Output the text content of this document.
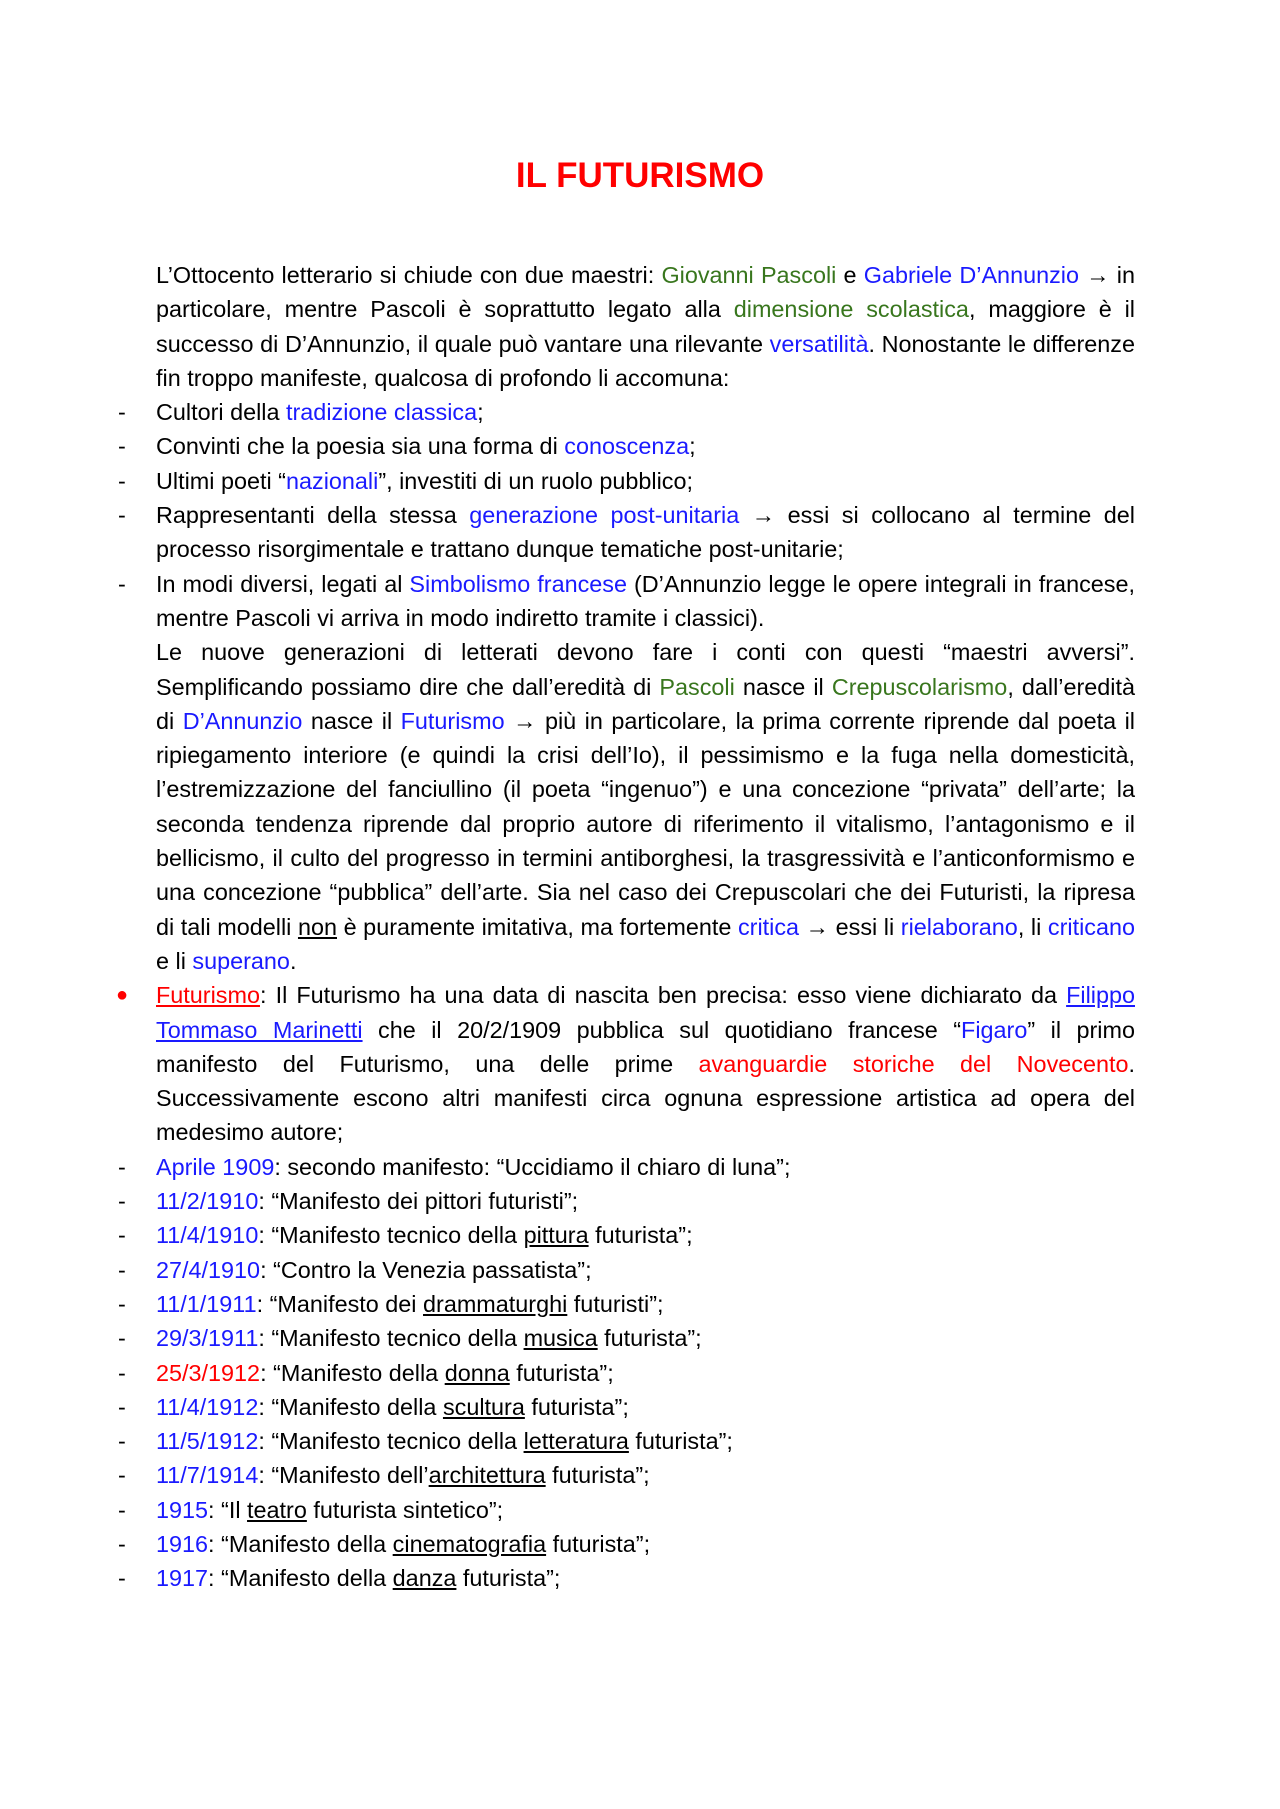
IL FUTURISMO

L’Ottocento letterario si chiude con due maestri: Giovanni Pascoli e Gabriele D’Annunzio → in particolare, mentre Pascoli è soprattutto legato alla dimensione scolastica, maggiore è il successo di D’Annunzio, il quale può vantare una rilevante versatilità. Nonostante le differenze fin troppo manifeste, qualcosa di profondo li accomuna:

-	Cultori della tradizione classica;

-	Convinti che la poesia sia una forma di conoscenza;

-	Ultimi poeti “nazionali”, investiti di un ruolo pubblico;

-	Rappresentanti della stessa generazione post-unitaria → essi si collocano al termine del processo risorgimentale e trattano dunque tematiche post-unitarie;

-	In modi diversi, legati al Simbolismo francese (D’Annunzio legge le opere integrali in francese, mentre Pascoli vi arriva in modo indiretto tramite i classici).

Le nuove generazioni di letterati devono fare i conti con questi “maestri avversi”. Semplificando possiamo dire che dall’eredità di Pascoli nasce il Crepuscolarismo, dall’eredità di D’Annunzio nasce il Futurismo → più in particolare, la prima corrente riprende dal poeta il ripiegamento interiore (e quindi la crisi dell’Io), il pessimismo e la fuga nella domesticità, l’estremizzazione del fanciullino (il poeta “ingenuo”) e una concezione “privata” dell’arte; la seconda tendenza riprende dal proprio autore di riferimento il vitalismo, l’antagonismo e il bellicismo, il culto del progresso in termini antiborghesi, la trasgressività e l’anticonformismo e una concezione “pubblica” dell’arte. Sia nel caso dei Crepuscolari che dei Futuristi, la ripresa di tali modelli non è puramente imitativa, ma fortemente critica → essi li rielaborano, li criticano e li superano.

●	Futurismo: Il Futurismo ha una data di nascita ben precisa: esso viene dichiarato da Filippo Tommaso Marinetti che il 20/2/1909 pubblica sul quotidiano francese “Figaro” il primo manifesto del Futurismo, una delle prime avanguardie storiche del Novecento. Successivamente escono altri manifesti circa ognuna espressione artistica ad opera del medesimo autore;

-	Aprile 1909: secondo manifesto: “Uccidiamo il chiaro di luna”;

-	11/2/1910: “Manifesto dei pittori futuristi”;

-	11/4/1910: “Manifesto tecnico della pittura futurista”;

-	27/4/1910: “Contro la Venezia passatista”;

-	11/1/1911: “Manifesto dei drammaturghi futuristi”;

-	29/3/1911: “Manifesto tecnico della musica futurista”;

-	25/3/1912: “Manifesto della donna futurista”;

-	11/4/1912: “Manifesto della scultura futurista”;

-	11/5/1912: “Manifesto tecnico della letteratura futurista”;

-	11/7/1914: “Manifesto dell’architettura futurista”;

-	1915: “Il teatro futurista sintetico”;

-	1916: “Manifesto della cinematografia futurista”;

-	1917: “Manifesto della danza futurista”;
